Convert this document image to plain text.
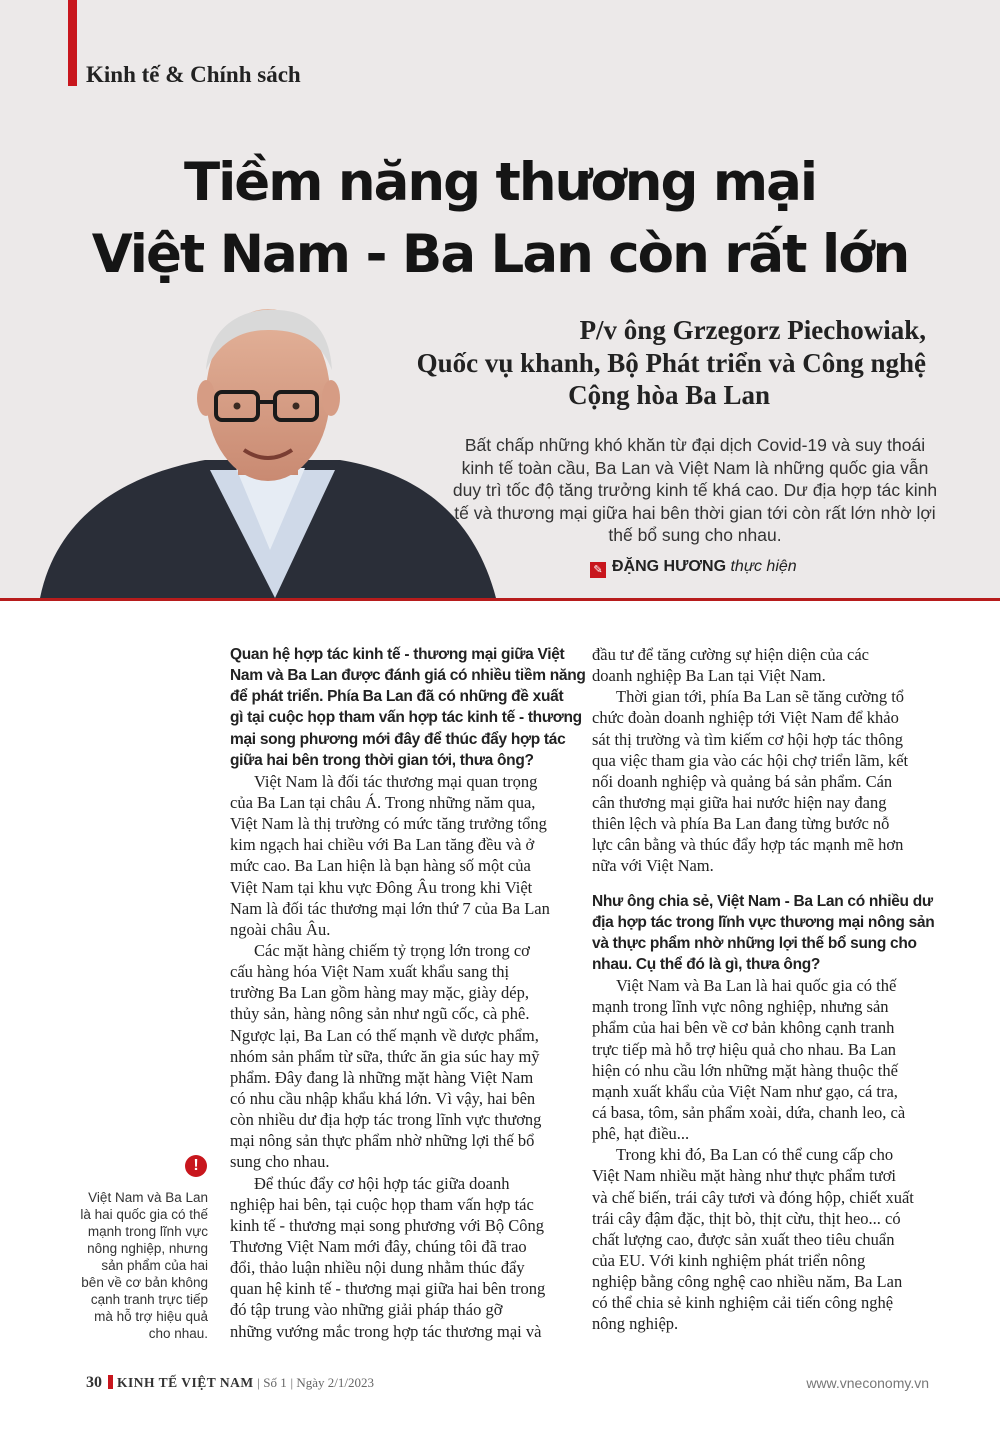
Kinh tế & Chính sách
Tiềm năng thương mại
Việt Nam - Ba Lan còn rất lớn
P/v ông Grzegorz Piechowiak,
Quốc vụ khanh, Bộ Phát triển và Công nghệ
Cộng hòa Ba Lan
Bất chấp những khó khăn từ đại dịch Covid-19 và suy thoái
kinh tế toàn cầu, Ba Lan và Việt Nam là những quốc gia vẫn
duy trì tốc độ tăng trưởng kinh tế khá cao. Dư địa hợp tác kinh
tế và thương mại giữa hai bên thời gian tới còn rất lớn nhờ lợi
thế bổ sung cho nhau.
✎ ĐẶNG HƯƠNG thực hiện
Quan hệ hợp tác kinh tế - thương mại giữa Việt
Nam và Ba Lan được đánh giá có nhiều tiềm năng
để phát triển. Phía Ba Lan đã có những đề xuất
gì tại cuộc họp tham vấn hợp tác kinh tế - thương
mại song phương mới đây để thúc đẩy hợp tác
giữa hai bên trong thời gian tới, thưa ông?
Việt Nam là đối tác thương mại quan trọng
của Ba Lan tại châu Á. Trong những năm qua,
Việt Nam là thị trường có mức tăng trưởng tổng
kim ngạch hai chiều với Ba Lan tăng đều và ở
mức cao. Ba Lan hiện là bạn hàng số một của
Việt Nam tại khu vực Đông Âu trong khi Việt
Nam là đối tác thương mại lớn thứ 7 của Ba Lan
ngoài châu Âu.
Các mặt hàng chiếm tỷ trọng lớn trong cơ
cấu hàng hóa Việt Nam xuất khẩu sang thị
trường Ba Lan gồm hàng may mặc, giày dép,
thủy sản, hàng nông sản như ngũ cốc, cà phê.
Ngược lại, Ba Lan có thế mạnh về dược phẩm,
nhóm sản phẩm từ sữa, thức ăn gia súc hay mỹ
phẩm. Đây đang là những mặt hàng Việt Nam
có nhu cầu nhập khẩu khá lớn. Vì vậy, hai bên
còn nhiều dư địa hợp tác trong lĩnh vực thương
mại nông sản thực phẩm nhờ những lợi thế bổ
sung cho nhau.
Để thúc đẩy cơ hội hợp tác giữa doanh
nghiệp hai bên, tại cuộc họp tham vấn hợp tác
kinh tế - thương mại song phương với Bộ Công
Thương Việt Nam mới đây, chúng tôi đã trao
đổi, thảo luận nhiều nội dung nhằm thúc đẩy
quan hệ kinh tế - thương mại giữa hai bên trong
đó tập trung vào những giải pháp tháo gỡ
những vướng mắc trong hợp tác thương mại và
đầu tư để tăng cường sự hiện diện của các
doanh nghiệp Ba Lan tại Việt Nam.
Thời gian tới, phía Ba Lan sẽ tăng cường tổ
chức đoàn doanh nghiệp tới Việt Nam để khảo
sát thị trường và tìm kiếm cơ hội hợp tác thông
qua việc tham gia vào các hội chợ triển lãm, kết
nối doanh nghiệp và quảng bá sản phẩm. Cán
cân thương mại giữa hai nước hiện nay đang
thiên lệch và phía Ba Lan đang từng bước nỗ
lực cân bằng và thúc đẩy hợp tác mạnh mẽ hơn
nữa với Việt Nam.
Như ông chia sẻ, Việt Nam - Ba Lan có nhiều dư
địa hợp tác trong lĩnh vực thương mại nông sản
và thực phẩm nhờ những lợi thế bổ sung cho
nhau. Cụ thể đó là gì, thưa ông?
Việt Nam và Ba Lan là hai quốc gia có thế
mạnh trong lĩnh vực nông nghiệp, nhưng sản
phẩm của hai bên về cơ bản không cạnh tranh
trực tiếp mà hỗ trợ hiệu quả cho nhau. Ba Lan
hiện có nhu cầu lớn những mặt hàng thuộc thế
mạnh xuất khẩu của Việt Nam như gạo, cá tra,
cá basa, tôm, sản phẩm xoài, dứa, chanh leo, cà
phê, hạt điều...
Trong khi đó, Ba Lan có thể cung cấp cho
Việt Nam nhiều mặt hàng như thực phẩm tươi
và chế biến, trái cây tươi và đóng hộp, chiết xuất
trái cây đậm đặc, thịt bò, thịt cừu, thịt heo... có
chất lượng cao, được sản xuất theo tiêu chuẩn
của EU. Với kinh nghiệm phát triển nông
nghiệp bằng công nghệ cao nhiều năm, Ba Lan
có thể chia sẻ kinh nghiệm cải tiến công nghệ
nông nghiệp.
!
Việt Nam và Ba Lan
là hai quốc gia có thế
mạnh trong lĩnh vực
nông nghiệp, nhưng
sản phẩm của hai
bên về cơ bản không
cạnh tranh trực tiếp
mà hỗ trợ hiệu quả
cho nhau.
30 KINH TẾ VIỆT NAM | Số 1 | Ngày 2/1/2023	www.vneconomy.vn
